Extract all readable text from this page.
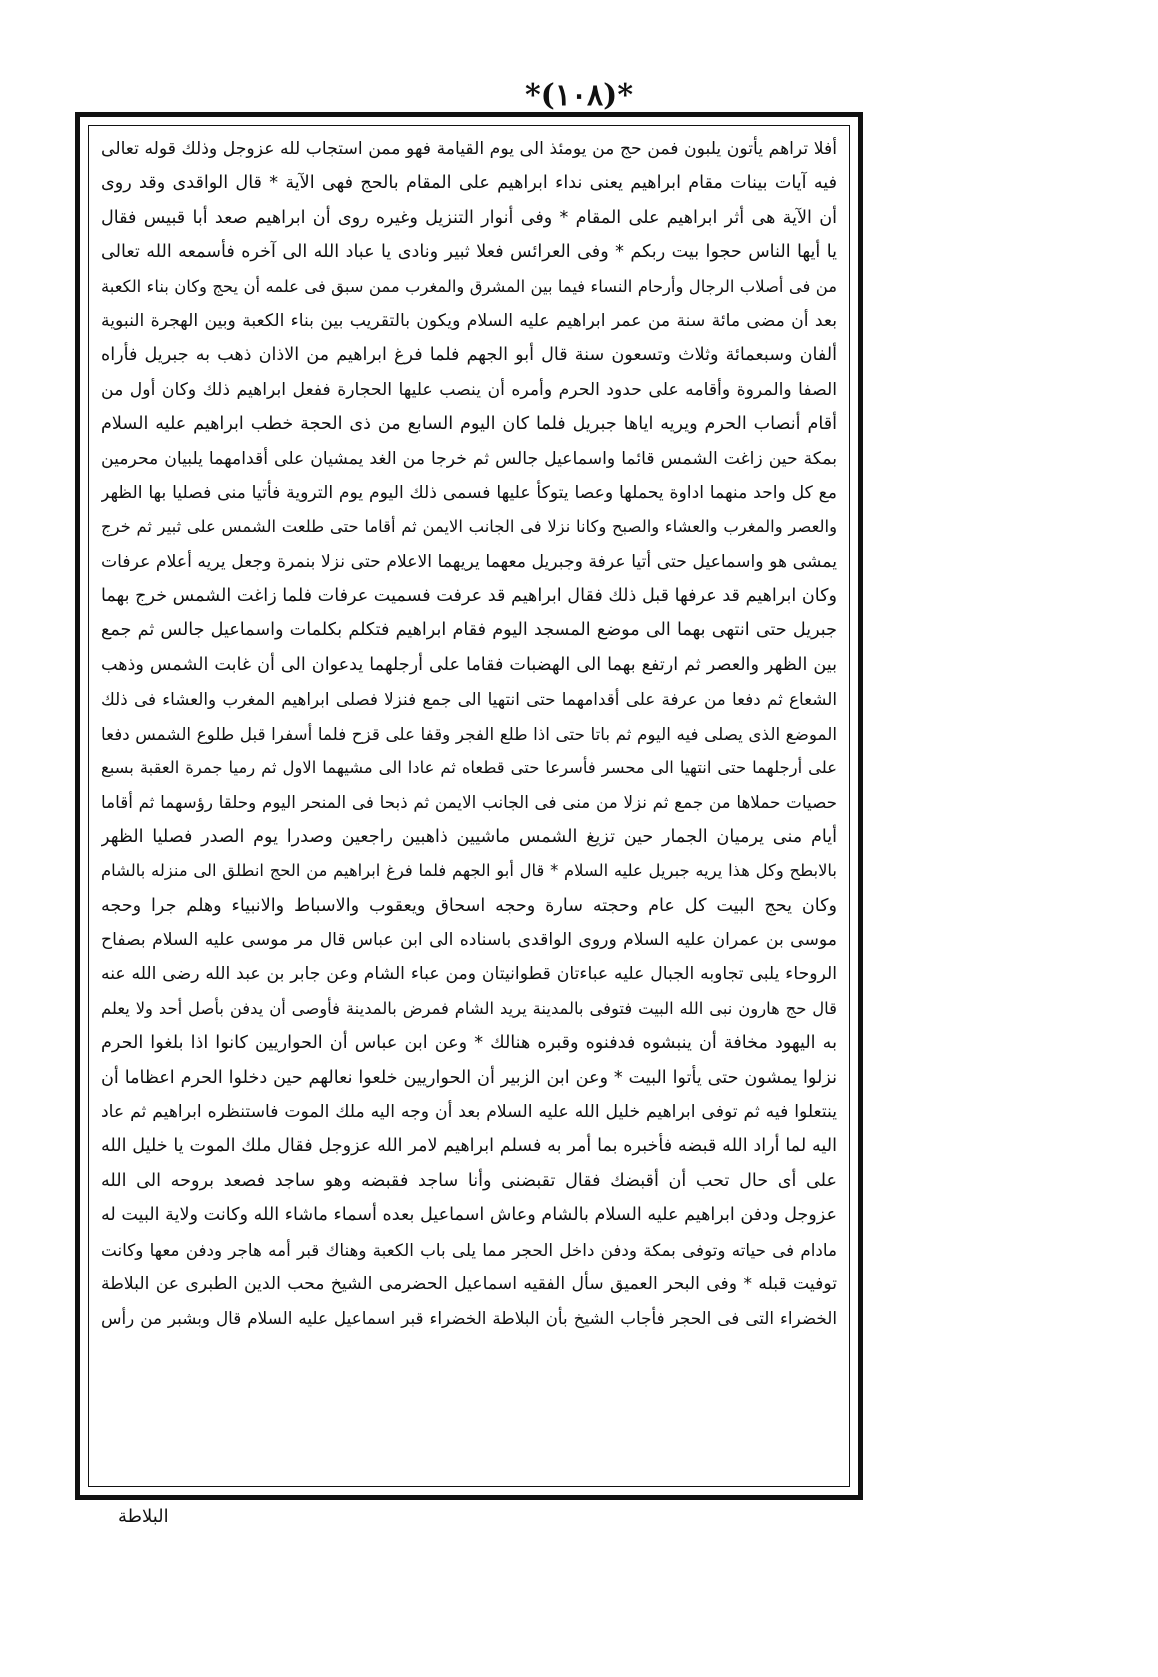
*(١٠٨)*
أفلا تراهم يأتون يلبون فمن حج من يومئذ الى يوم القيامة فهو ممن استجاب لله عزوجل وذلك قوله تعالى
فيه آيات بينات مقام ابراهيم يعنى نداء ابراهيم على المقام بالحج فهى الآية * قال الواقدى وقد روى
أن الآية هى أثر ابراهيم على المقام * وفى أنوار التنزيل وغيره روى أن ابراهيم صعد أبا قبيس فقال
يا أيها الناس حجوا بيت ربكم * وفى العرائس فعلا ثبير ونادى يا عباد الله الى آخره فأسمعه الله تعالى
من فى أصلاب الرجال وأرحام النساء فيما بين المشرق والمغرب ممن سبق فى علمه أن يحج وكان بناء الكعبة
بعد أن مضى مائة سنة من عمر ابراهيم عليه السلام ويكون بالتقريب بين بناء الكعبة وبين الهجرة النبوية
ألفان وسبعمائة وثلاث وتسعون سنة قال أبو الجهم فلما فرغ ابراهيم من الاذان ذهب به جبريل فأراه
الصفا والمروة وأقامه على حدود الحرم وأمره أن ينصب عليها الحجارة ففعل ابراهيم ذلك وكان أول من
أقام أنصاب الحرم ويريه اياها جبريل فلما كان اليوم السابع من ذى الحجة خطب ابراهيم عليه السلام
بمكة حين زاغت الشمس قائما واسماعيل جالس ثم خرجا من الغد يمشيان على أقدامهما يلبيان محرمين
مع كل واحد منهما اداوة يحملها وعصا يتوكأ عليها فسمى ذلك اليوم يوم التروية فأتيا منى فصليا بها الظهر
والعصر والمغرب والعشاء والصبح وكانا نزلا فى الجانب الايمن ثم أقاما حتى طلعت الشمس على ثبير ثم خرج
يمشى هو واسماعيل حتى أتيا عرفة وجبريل معهما يريهما الاعلام حتى نزلا بنمرة وجعل يريه أعلام عرفات
وكان ابراهيم قد عرفها قبل ذلك فقال ابراهيم قد عرفت فسميت عرفات فلما زاغت الشمس خرج بهما
جبريل حتى انتهى بهما الى موضع المسجد اليوم فقام ابراهيم فتكلم بكلمات واسماعيل جالس ثم جمع
بين الظهر والعصر ثم ارتفع بهما الى الهضبات فقاما على أرجلهما يدعوان الى أن غابت الشمس وذهب
الشعاع ثم دفعا من عرفة على أقدامهما حتى انتهيا الى جمع فنزلا فصلى ابراهيم المغرب والعشاء فى ذلك
الموضع الذى يصلى فيه اليوم ثم باتا حتى اذا طلع الفجر وقفا على قزح فلما أسفرا قبل طلوع الشمس دفعا
على أرجلهما حتى انتهيا الى محسر فأسرعا حتى قطعاه ثم عادا الى مشيهما الاول ثم رميا جمرة العقبة بسبع
حصيات حملاها من جمع ثم نزلا من منى فى الجانب الايمن ثم ذبحا فى المنحر اليوم وحلقا رؤسهما ثم أقاما
أيام منى يرميان الجمار حين تزيغ الشمس ماشيين ذاهبين راجعين وصدرا يوم الصدر فصليا الظهر
بالابطح وكل هذا يريه جبريل عليه السلام * قال أبو الجهم فلما فرغ ابراهيم من الحج انطلق الى منزله بالشام
وكان يحج البيت كل عام وحجته سارة وحجه اسحاق ويعقوب والاسباط والانبياء وهلم جرا وحجه
موسى بن عمران عليه السلام وروى الواقدى باسناده الى ابن عباس قال مر موسى عليه السلام بصفاح
الروحاء يلبى تجاوبه الجبال عليه عباءتان قطوانيتان ومن عباء الشام وعن جابر بن عبد الله رضى الله عنه
قال حج هارون نبى الله البيت فتوفى بالمدينة يريد الشام فمرض بالمدينة فأوصى أن يدفن بأصل أحد ولا يعلم
به اليهود مخافة أن ينبشوه فدفنوه وقبره هنالك * وعن ابن عباس أن الحواريين كانوا اذا بلغوا الحرم
نزلوا يمشون حتى يأتوا البيت * وعن ابن الزبير أن الحواريين خلعوا نعالهم حين دخلوا الحرم اعظاما أن
ينتعلوا فيه ثم توفى ابراهيم خليل الله عليه السلام بعد أن وجه اليه ملك الموت فاستنظره ابراهيم ثم عاد
اليه لما أراد الله قبضه فأخبره بما أمر به فسلم ابراهيم لامر الله عزوجل فقال ملك الموت يا خليل الله
على أى حال تحب أن أقبضك فقال تقبضنى وأنا ساجد فقبضه وهو ساجد فصعد بروحه الى الله
عزوجل ودفن ابراهيم عليه السلام بالشام وعاش اسماعيل بعده أسماء ماشاء الله وكانت ولاية البيت له
مادام فى حياته وتوفى بمكة ودفن داخل الحجر مما يلى باب الكعبة وهناك قبر أمه هاجر ودفن معها وكانت
توفيت قبله * وفى البحر العميق سأل الفقيه اسماعيل الحضرمى الشيخ محب الدين الطبرى عن البلاطة
الخضراء التى فى الحجر فأجاب الشيخ بأن البلاطة الخضراء قبر اسماعيل عليه السلام قال وبشبر من رأس
البلاطة
